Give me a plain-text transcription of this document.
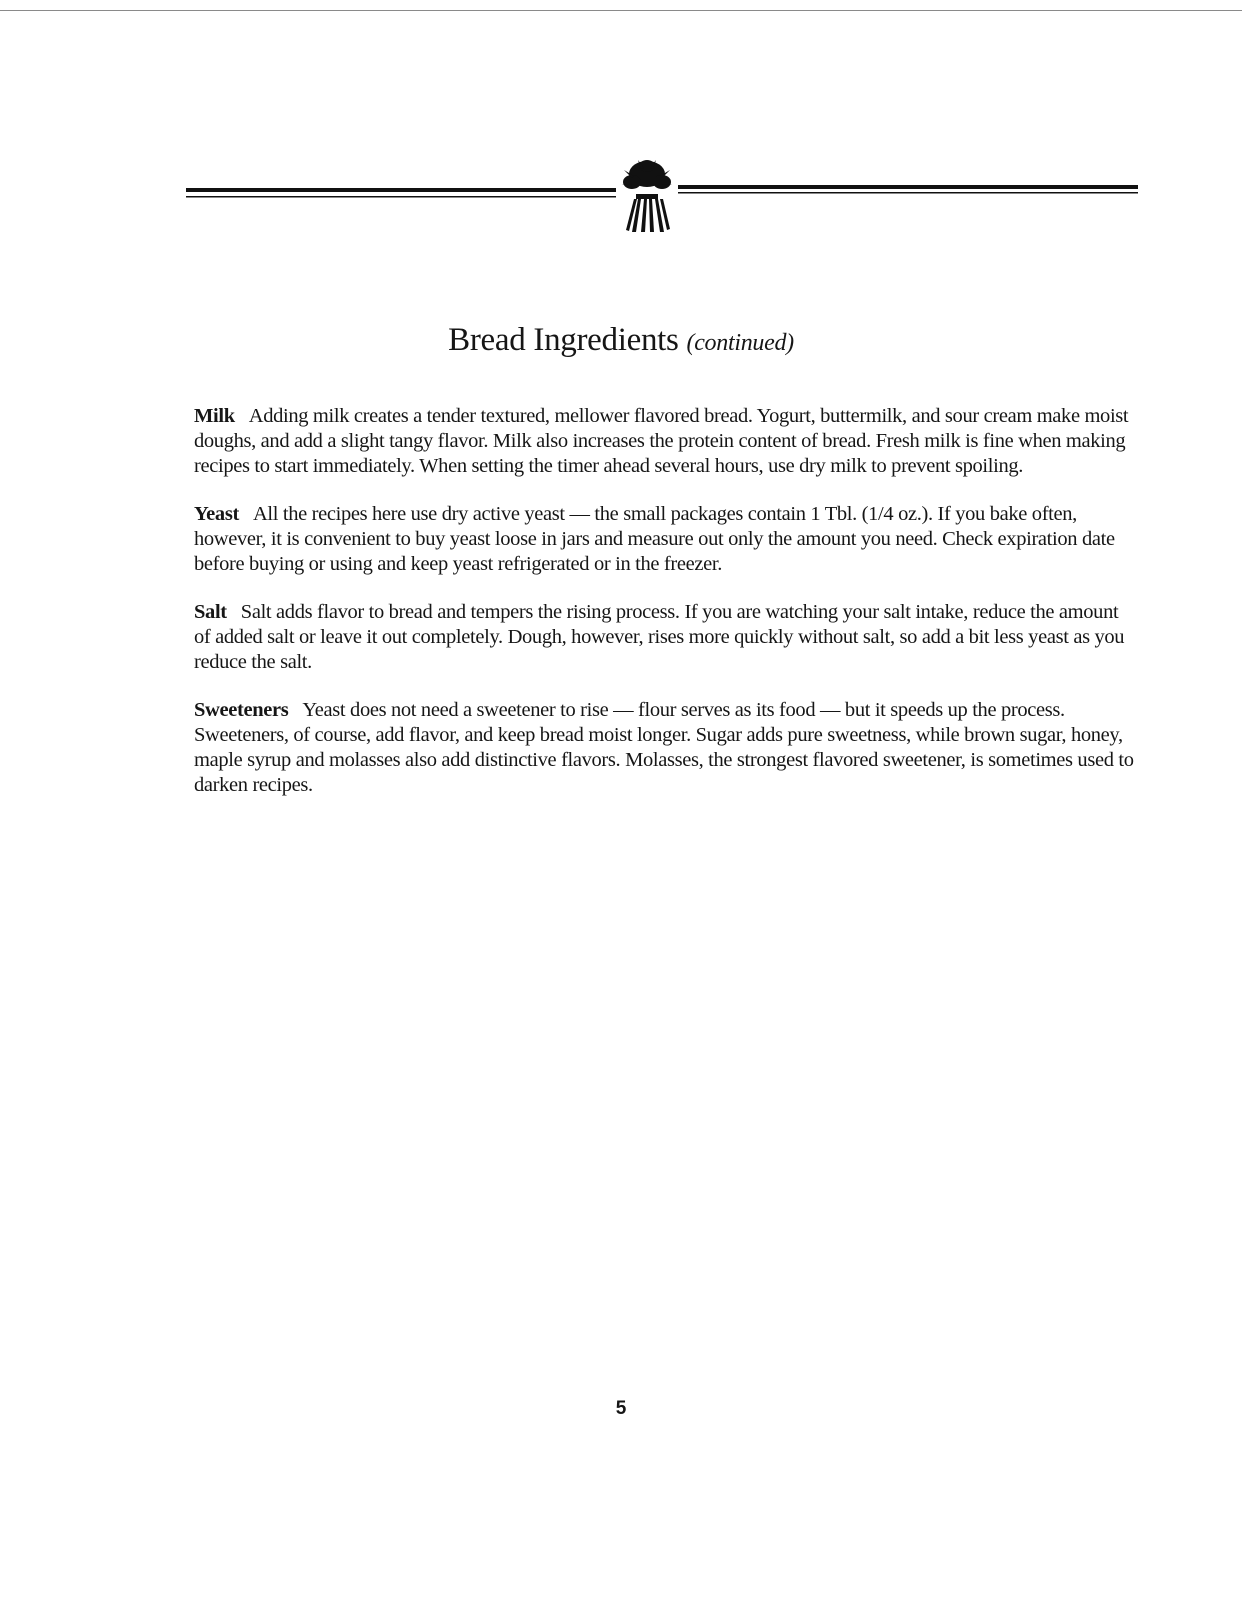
Bread Ingredients (continued)

Milk Adding milk creates a tender textured, mellower flavored bread. Yogurt, buttermilk, and sour cream make moist doughs, and add a slight tangy flavor. Milk also increases the protein content of bread. Fresh milk is fine when making recipes to start immediately. When setting the timer ahead several hours, use dry milk to prevent spoiling.

Yeast All the recipes here use dry active yeast — the small packages contain 1 Tbl. (1/4 oz.). If you bake often, however, it is convenient to buy yeast loose in jars and measure out only the amount you need. Check expiration date before buying or using and keep yeast refrigerated or in the freezer.

Salt Salt adds flavor to bread and tempers the rising process. If you are watching your salt intake, reduce the amount of added salt or leave it out completely. Dough, however, rises more quickly without salt, so add a bit less yeast as you reduce the salt.

Sweeteners Yeast does not need a sweetener to rise — flour serves as its food — but it speeds up the process. Sweeteners, of course, add flavor, and keep bread moist longer. Sugar adds pure sweetness, while brown sugar, honey, maple syrup and molasses also add distinctive flavors. Molasses, the strongest flavored sweetener, is sometimes used to darken recipes.

5
